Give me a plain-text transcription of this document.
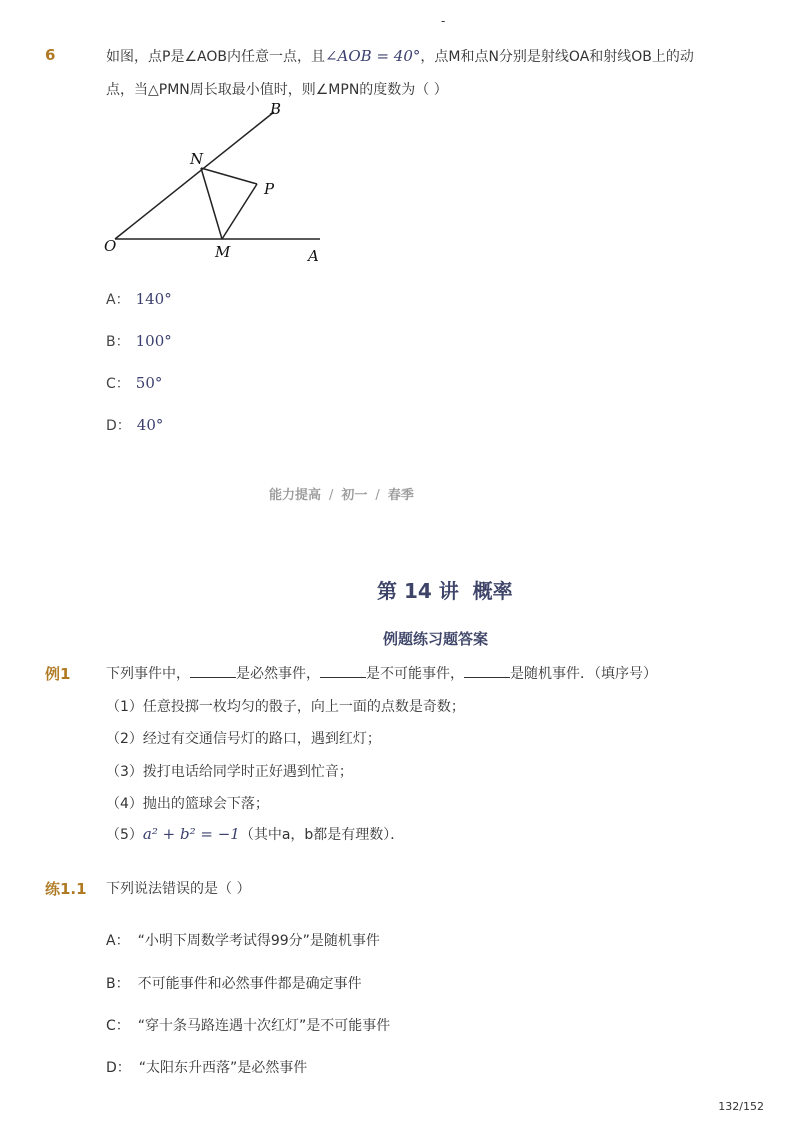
-
6	如图，点P是∠AOB内任意一点，且∠AOB = 40°，点M和点N分别是射线OA和射线OB上的动
点，当△PMN周长取最小值时，则∠MPN的度数为（ ）
B
N
P
O	M	A
A： 140°
B： 100°
C： 50°
D： 40°
能力提高 / 初一 / 春季
第 14 讲  概率
例题练习题答案
例1	下列事件中，	是必然事件，	是不可能事件，	是随机事件．（填序号）
（1）任意投掷一枚均匀的骰子，向上一面的点数是奇数；
（2）经过有交通信号灯的路口，遇到红灯；
（3）拨打电话给同学时正好遇到忙音；
（4）抛出的篮球会下落；
（5）a² + b² = −1（其中a，b都是有理数）．
练1.1 下列说法错误的是（ ）
A： “小明下周数学考试得99分”是随机事件
B： 不可能事件和必然事件都是确定事件
C： “穿十条马路连遇十次红灯”是不可能事件
D： “太阳东升西落”是必然事件
132/152
